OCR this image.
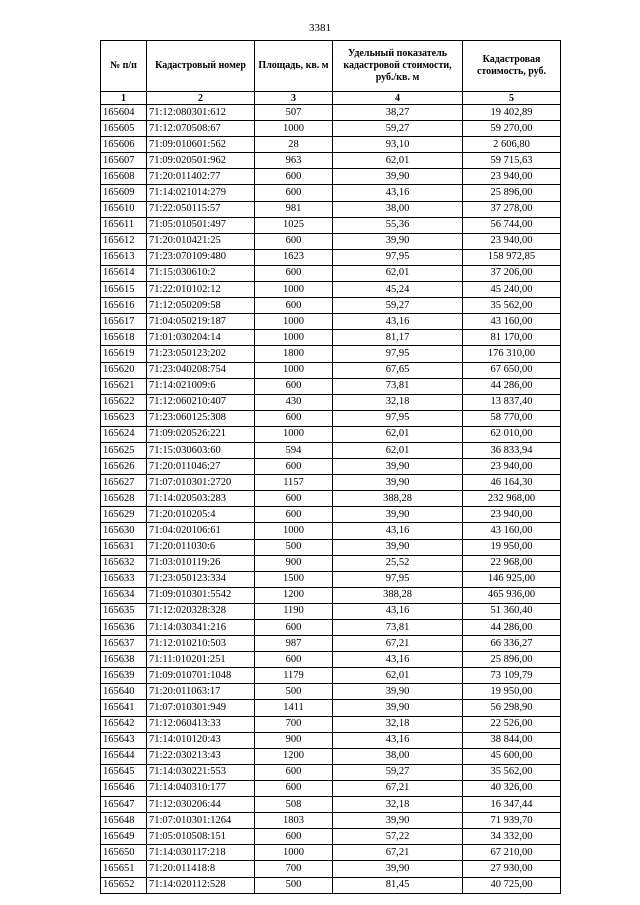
3381
№ п/п	Кадастровый номер	Площадь, кв. м	Удельный показатель кадастровой стоимости, руб./кв. м	Кадастровая стоимость, руб.
1	2	3	4	5
165604	71:12:080301:612	507	38,27	19 402,89
165605	71:12:070508:67	1000	59,27	59 270,00
165606	71:09:010601:562	28	93,10	2 606,80
165607	71:09:020501:962	963	62,01	59 715,63
165608	71:20:011402:77	600	39,90	23 940,00
165609	71:14:021014:279	600	43,16	25 896,00
165610	71:22:050115:57	981	38,00	37 278,00
165611	71:05:010501:497	1025	55,36	56 744,00
165612	71:20:010421:25	600	39,90	23 940,00
165613	71:23:070109:480	1623	97,95	158 972,85
165614	71:15:030610:2	600	62,01	37 206,00
165615	71:22:010102:12	1000	45,24	45 240,00
165616	71:12:050209:58	600	59,27	35 562,00
165617	71:04:050219:187	1000	43,16	43 160,00
165618	71:01:030204:14	1000	81,17	81 170,00
165619	71:23:050123:202	1800	97,95	176 310,00
165620	71:23:040208:754	1000	67,65	67 650,00
165621	71:14:021009:6	600	73,81	44 286,00
165622	71:12:060210:407	430	32,18	13 837,40
165623	71:23:060125:308	600	97,95	58 770,00
165624	71:09:020526:221	1000	62,01	62 010,00
165625	71:15:030603:60	594	62,01	36 833,94
165626	71:20:011046:27	600	39,90	23 940,00
165627	71:07:010301:2720	1157	39,90	46 164,30
165628	71:14:020503:283	600	388,28	232 968,00
165629	71:20:010205:4	600	39,90	23 940,00
165630	71:04:020106:61	1000	43,16	43 160,00
165631	71:20:011030:6	500	39,90	19 950,00
165632	71:03:010119:26	900	25,52	22 968,00
165633	71:23:050123:334	1500	97,95	146 925,00
165634	71:09:010301:5542	1200	388,28	465 936,00
165635	71:12:020328:328	1190	43,16	51 360,40
165636	71:14:030341:216	600	73,81	44 286,00
165637	71:12:010210:503	987	67,21	66 336,27
165638	71:11:010201:251	600	43,16	25 896,00
165639	71:09:010701:1048	1179	62,01	73 109,79
165640	71:20:011063:17	500	39,90	19 950,00
165641	71:07:010301:949	1411	39,90	56 298,90
165642	71:12:060413:33	700	32,18	22 526,00
165643	71:14:010120:43	900	43,16	38 844,00
165644	71:22:030213:43	1200	38,00	45 600,00
165645	71:14:030221:553	600	59,27	35 562,00
165646	71:14:040310:177	600	67,21	40 326,00
165647	71:12:030206:44	508	32,18	16 347,44
165648	71:07:010301:1264	1803	39,90	71 939,70
165649	71:05:010508:151	600	57,22	34 332,00
165650	71:14:030117:218	1000	67,21	67 210,00
165651	71:20:011418:8	700	39,90	27 930,00
165652	71:14:020112:528	500	81,45	40 725,00
